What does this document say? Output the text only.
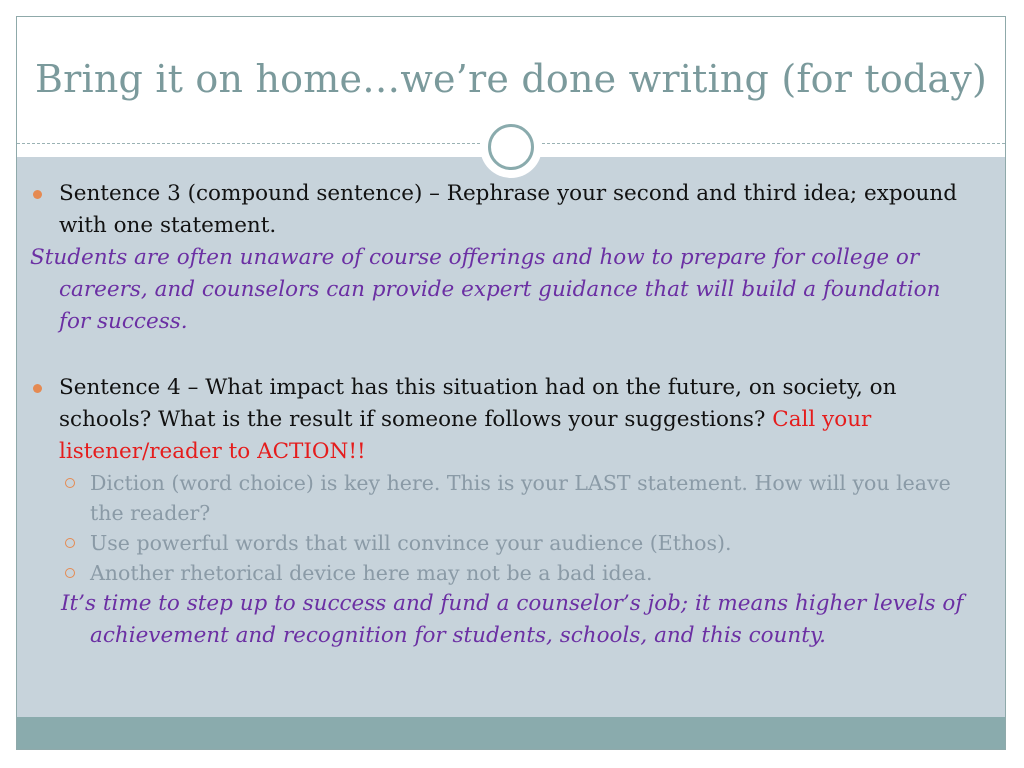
Bring it on home…we’re done writing (for today)
Sentence 3 (compound sentence) – Rephrase your second and third idea; expound with one statement.
Students are often unaware of course offerings and how to prepare for college or careers, and counselors can provide expert guidance that will build a foundation for success.
Sentence 4 – What impact has this situation had on the future, on society, on schools? What is the result if someone follows your suggestions? Call your listener/reader to ACTION!!
Diction (word choice) is key here. This is your LAST statement. How will you leave the reader?
Use powerful words that will convince your audience (Ethos).
Another rhetorical device here may not be a bad idea.
It’s time to step up to success and fund a counselor’s job; it means higher levels of achievement and recognition for students, schools, and this county.
